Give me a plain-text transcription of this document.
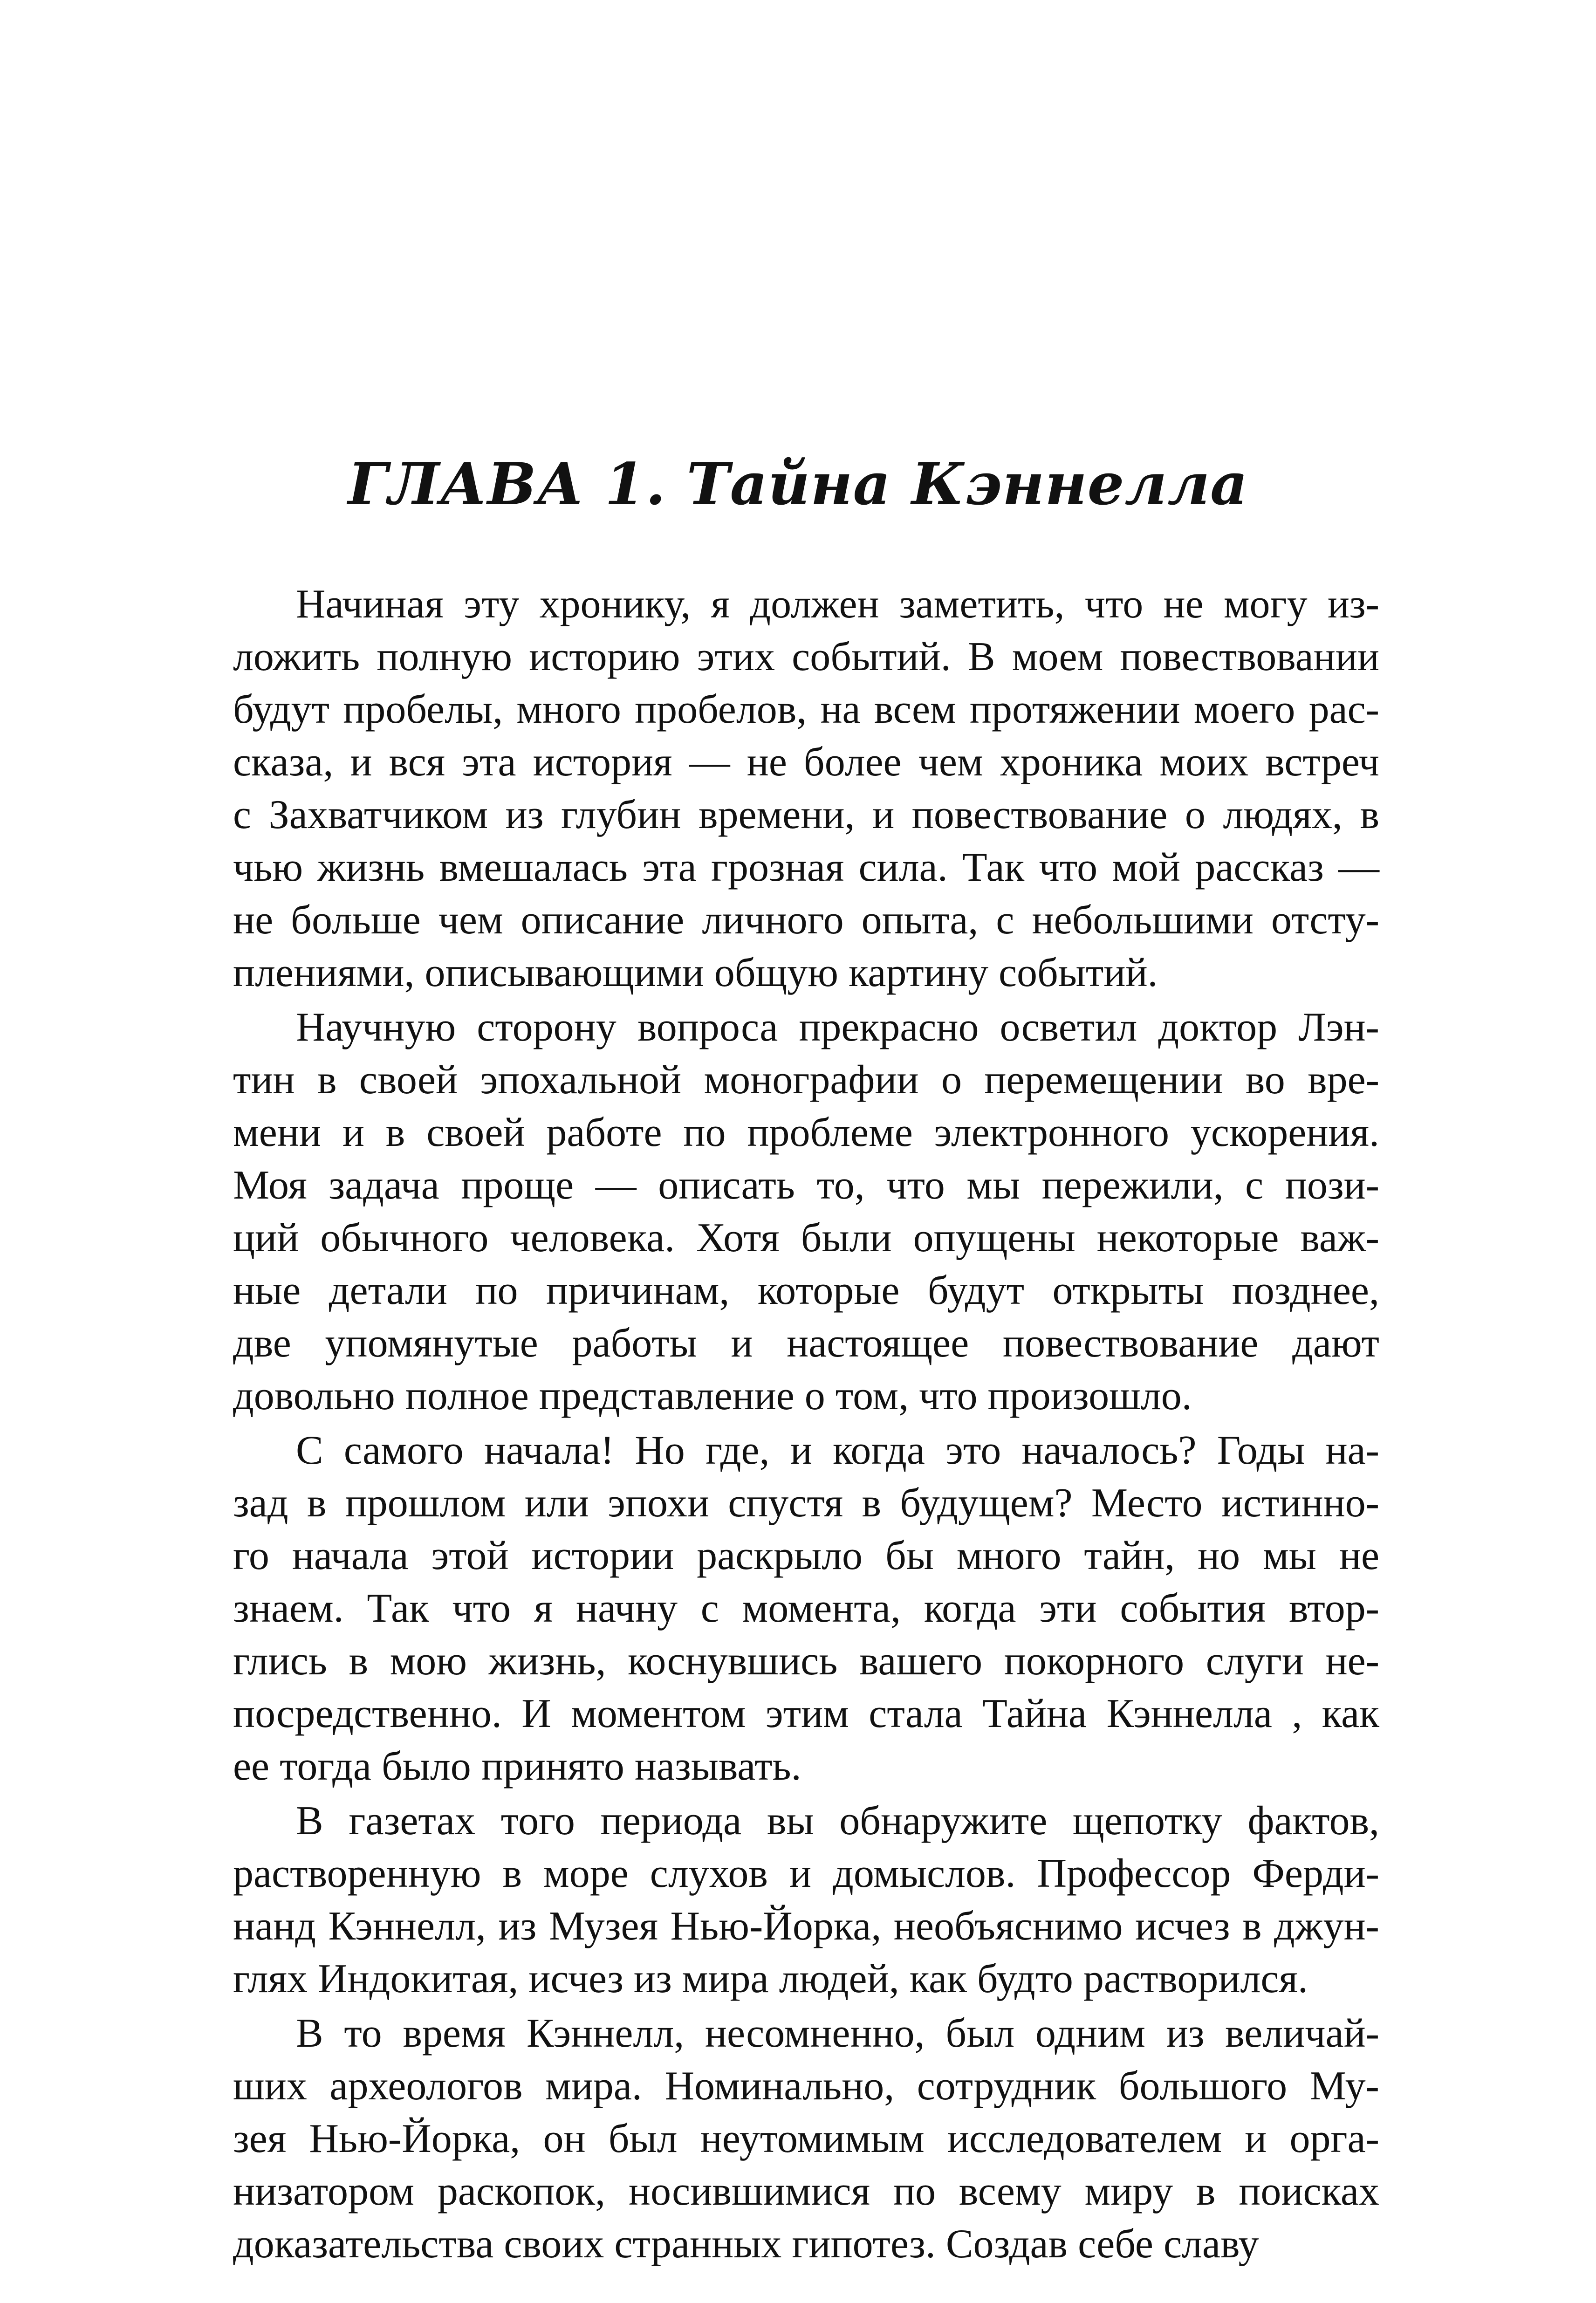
ГЛАВА 1. Тайна Кэннелла
Начиная эту хронику, я должен заметить, что не могу из-
ложить полную историю этих событий. В моем повествовании
будут пробелы, много пробелов, на всем протяжении моего рас-
сказа, и вся эта история — не более чем хроника моих встреч
с Захватчиком из глубин времени, и повествование о людях, в
чью жизнь вмешалась эта грозная сила. Так что мой рассказ —
не больше чем описание личного опыта, с небольшими отсту-
плениями, описывающими общую картину событий.
Научную сторону вопроса прекрасно осветил доктор Лэн-
тин в своей эпохальной монографии о перемещении во вре-
мени и в своей работе по проблеме электронного ускорения.
Моя задача проще — описать то, что мы пережили, с пози-
ций обычного человека. Хотя были опущены некоторые важ-
ные детали по причинам, которые будут открыты позднее,
две упомянутые работы и настоящее повествование дают
довольно полное представление о том, что произошло.
С самого начала! Но где, и когда это началось? Годы на-
зад в прошлом или эпохи спустя в будущем? Место истинно-
го начала этой истории раскрыло бы много тайн, но мы не
знаем. Так что я начну с момента, когда эти события втор-
глись в мою жизнь, коснувшись вашего покорного слуги не-
посредственно. И моментом этим стала Тайна Кэннелла , как
ее тогда было принято называть.
В газетах того периода вы обнаружите щепотку фактов,
растворенную в море слухов и домыслов. Профессор Ферди-
нанд Кэннелл, из Музея Нью-Йорка, необъяснимо исчез в джун-
глях Индокитая, исчез из мира людей, как будто растворился.
В то время Кэннелл, несомненно, был одним из величай-
ших археологов мира. Номинально, сотрудник большого Му-
зея Нью-Йорка, он был неутомимым исследователем и орга-
низатором раскопок, носившимися по всему миру в поисках
доказательства своих странных гипотез. Создав себе славу
